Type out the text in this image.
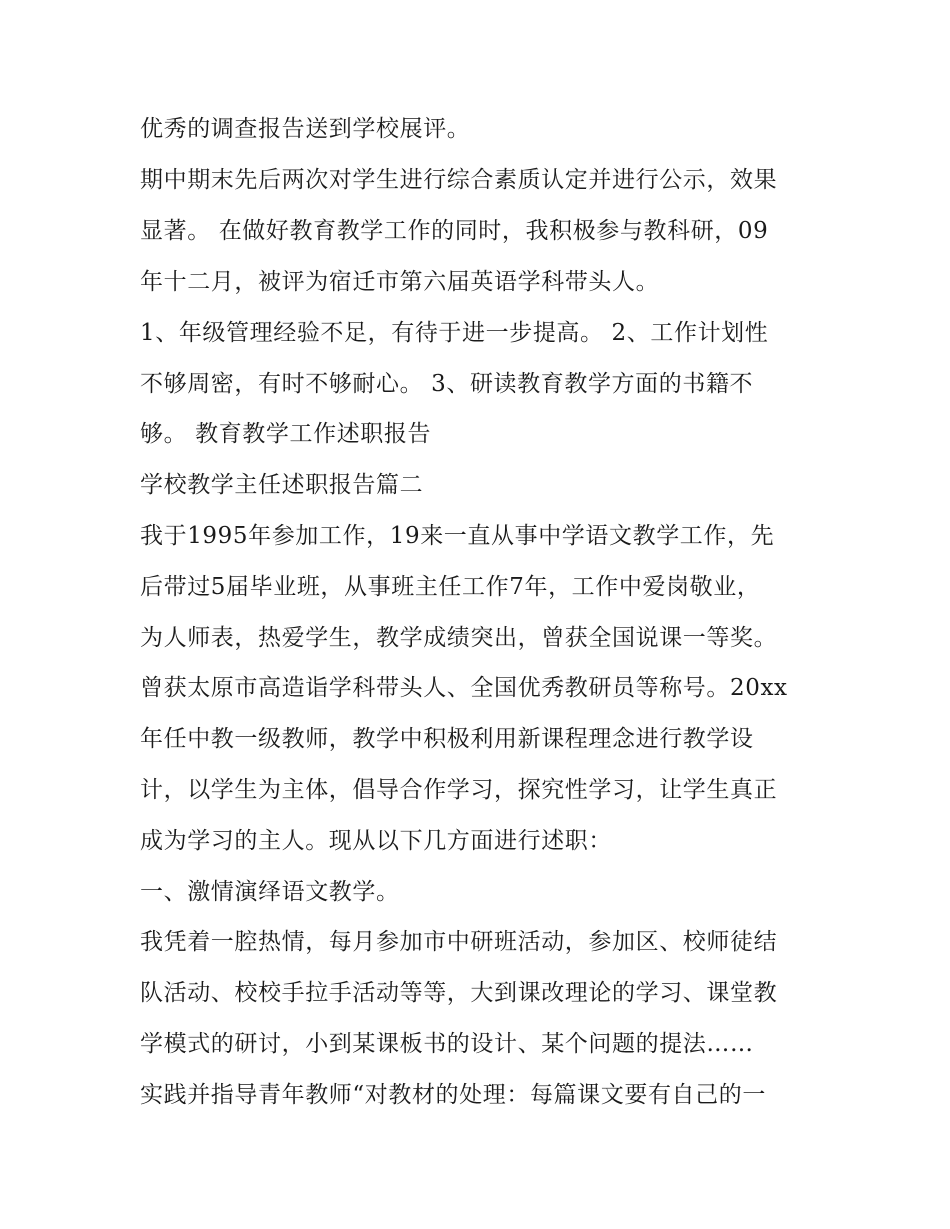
优秀的调查报告送到学校展评。

期中期末先后两次对学生进行综合素质认定并进行公示，效果

显著。 在做好教育教学工作的同时，我积极参与教科研，09

年十二月，被评为宿迁市第六届英语学科带头人。

1、年级管理经验不足，有待于进一步提高。 2、工作计划性

不够周密，有时不够耐心。 3、研读教育教学方面的书籍不

够。 教育教学工作述职报告

学校教学主任述职报告篇二

我于1995年参加工作，19来一直从事中学语文教学工作，先

后带过5届毕业班，从事班主任工作7年，工作中爱岗敬业，

为人师表，热爱学生，教学成绩突出，曾获全国说课一等奖。

曾获太原市高造诣学科带头人、全国优秀教研员等称号。20xx

年任中教一级教师，教学中积极利用新课程理念进行教学设

计，以学生为主体，倡导合作学习，探究性学习，让学生真正

成为学习的主人。现从以下几方面进行述职：

一、激情演绎语文教学。

我凭着一腔热情，每月参加市中研班活动，参加区、校师徒结

队活动、校校手拉手活动等等，大到课改理论的学习、课堂教

学模式的研讨，小到某课板书的设计、某个问题的提法……

实践并指导青年教师“对教材的处理：每篇课文要有自己的一
